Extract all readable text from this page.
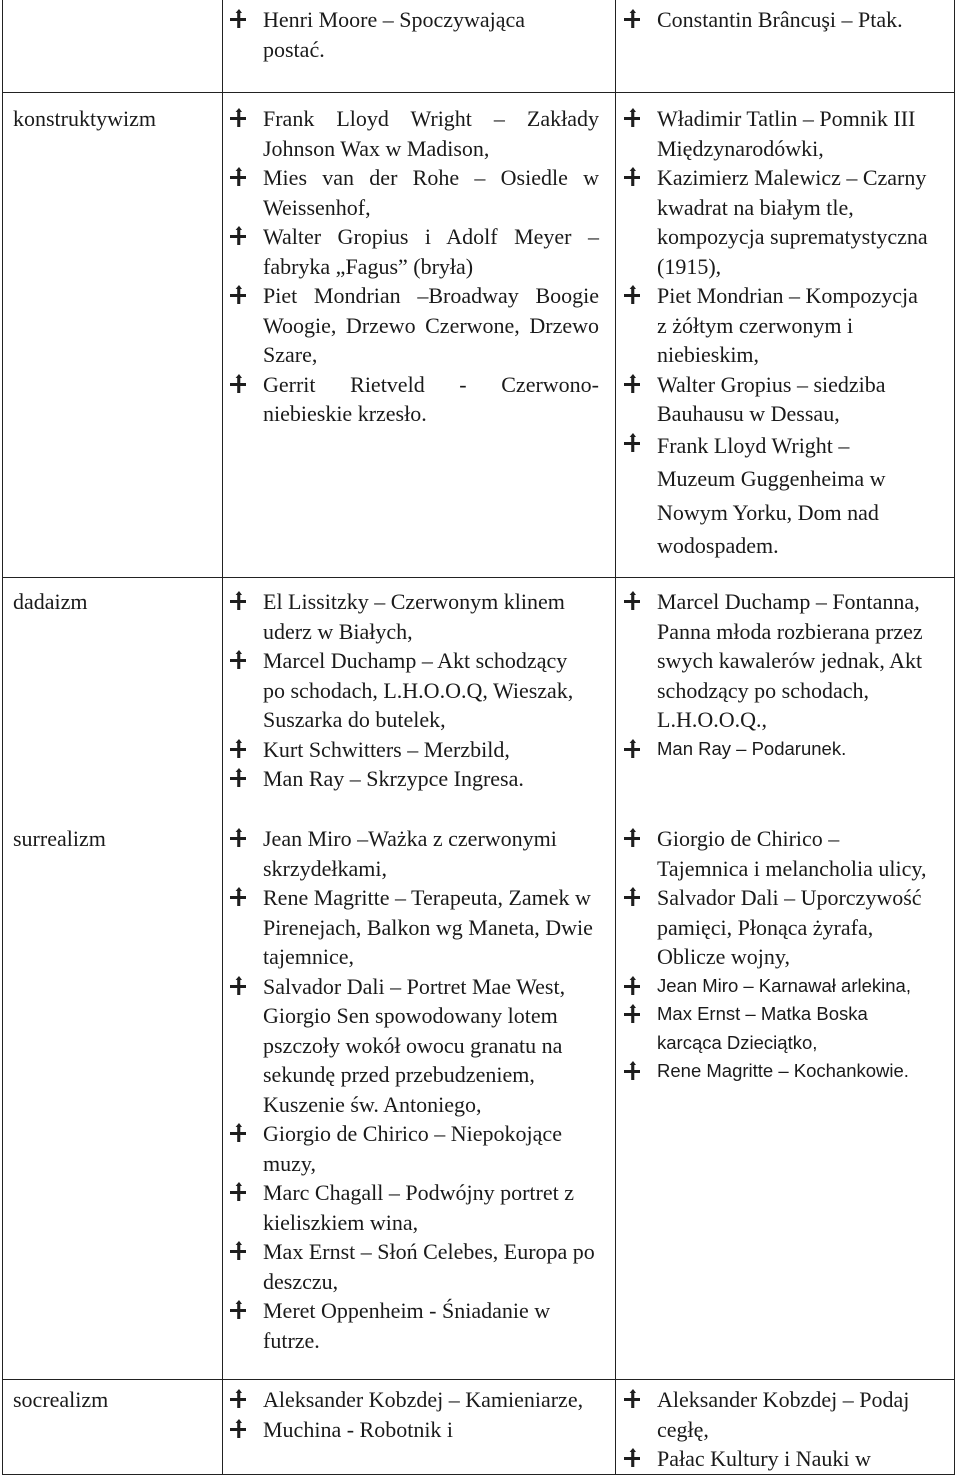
konstruktywizm
dadaizm
surrealizm
socrealizm
Henri Moore – Spoczywająca postać.
Constantin Brâncuşi – Ptak.
Frank Lloyd Wright – Zakłady Johnson Wax w Madison,
Mies van der Rohe – Osiedle w Weissenhof,
Walter Gropius i Adolf Meyer – fabryka „Fagus” (bryła)
Piet Mondrian –Broadway Boogie Woogie, Drzewo Czerwone, Drzewo Szare,
Gerrit Rietveld - Czerwono-niebieskie krzesło.
Władimir Tatlin – Pomnik III Międzynarodówki,
Kazimierz Malewicz – Czarny kwadrat na białym tle, kompozycja suprematystyczna (1915),
Piet Mondrian – Kompozycja z żółtym czerwonym i niebieskim,
Walter Gropius – siedziba Bauhausu w Dessau,
Frank Lloyd Wright – Muzeum Guggenheima w Nowym Yorku, Dom nad wodospadem.
El Lissitzky – Czerwonym klinem uderz w Białych,
Marcel Duchamp – Akt schodzący po schodach, L.H.O.O.Q, Wieszak, Suszarka do butelek,
Kurt Schwitters – Merzbild,
Man Ray – Skrzypce Ingresa.
Marcel Duchamp – Fontanna, Panna młoda rozbierana przez swych kawalerów jednak, Akt schodzący po schodach, L.H.O.O.Q.,
Man Ray – Podarunek.
Jean Miro –Ważka z czerwonymi skrzydełkami,
Rene Magritte – Terapeuta, Zamek w Pirenejach, Balkon wg Maneta, Dwie tajemnice,
Salvador Dali – Portret Mae West, Giorgio Sen spowodowany lotem pszczoły wokół owocu granatu na sekundę przed przebudzeniem, Kuszenie św. Antoniego,
Giorgio de Chirico – Niepokojące muzy,
Marc Chagall – Podwójny portret z kieliszkiem wina,
Max Ernst – Słoń Celebes, Europa po deszczu,
Meret Oppenheim - Śniadanie w futrze.
Giorgio de Chirico – Tajemnica i melancholia ulicy,
Salvador Dali – Uporczywość pamięci, Płonąca żyrafa, Oblicze wojny,
Jean Miro – Karnawał arlekina,
Max Ernst – Matka Boska karcąca Dzieciątko,
Rene Magritte – Kochankowie.
Aleksander Kobzdej – Kamieniarze,
Muchina - Robotnik i
Aleksander Kobzdej – Podaj cegłę,
Pałac Kultury i Nauki w
